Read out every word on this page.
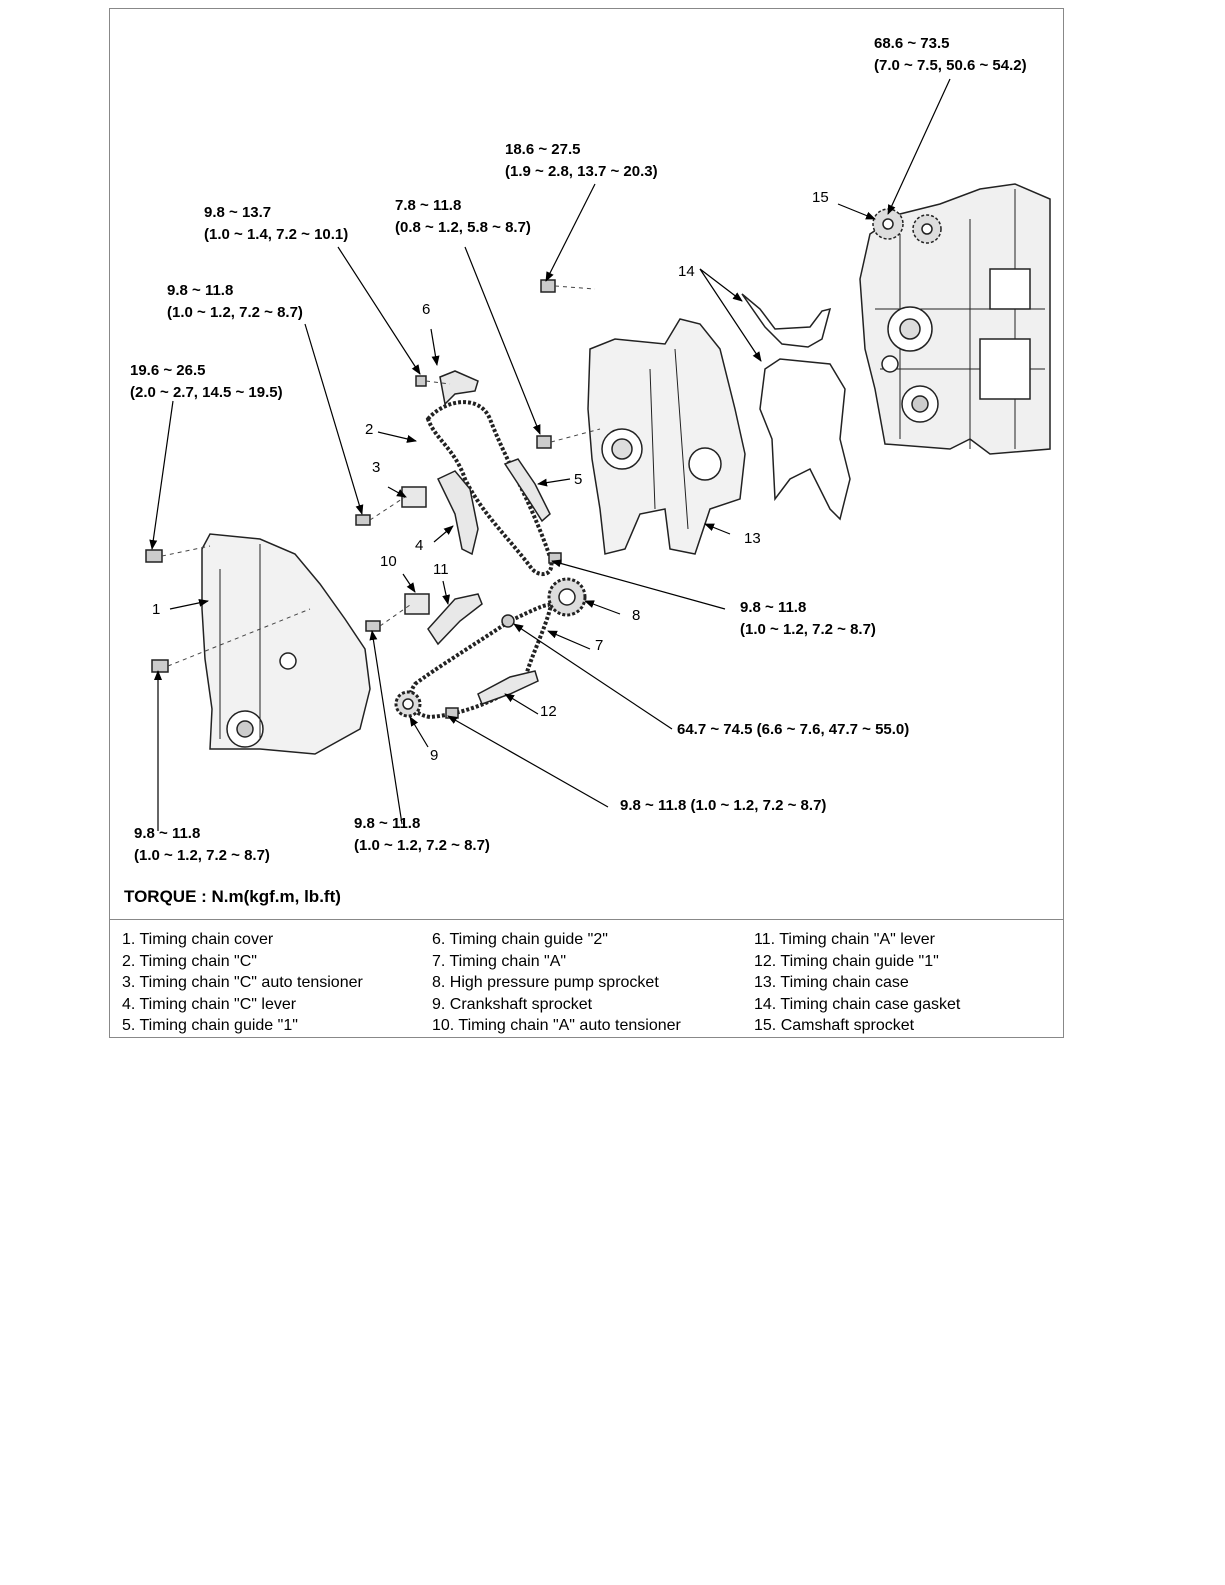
68.6 ~ 73.5
(7.0 ~ 7.5, 50.6 ~ 54.2)
18.6 ~ 27.5
(1.9 ~ 2.8, 13.7 ~ 20.3)
9.8 ~ 13.7
(1.0 ~ 1.4, 7.2 ~ 10.1)
7.8 ~ 11.8
(0.8 ~ 1.2, 5.8 ~ 8.7)
9.8 ~ 11.8
(1.0 ~ 1.2, 7.2 ~ 8.7)
19.6 ~ 26.5
(2.0 ~ 2.7, 14.5 ~ 19.5)
9.8 ~ 11.8
(1.0 ~ 1.2, 7.2 ~ 8.7)
64.7 ~ 74.5 (6.6 ~ 7.6, 47.7 ~ 55.0)
9.8 ~ 11.8 (1.0 ~ 1.2, 7.2 ~ 8.7)
9.8 ~ 11.8
(1.0 ~ 1.2, 7.2 ~ 8.7)
9.8 ~ 11.8
(1.0 ~ 1.2, 7.2 ~ 8.7)
1
2
3
4
5
6
7
8
9
10 11
12
13
14
15
TORQUE : N.m(kgf.m, lb.ft)
1. Timing chain cover
2. Timing chain "C"
3. Timing chain "C" auto tensioner
4. Timing chain "C" lever
5. Timing chain guide "1"
6. Timing chain guide "2"
7. Timing chain "A"
8. High pressure pump sprocket
9. Crankshaft sprocket
10. Timing chain "A" auto tensioner
11. Timing chain "A" lever
12. Timing chain guide "1"
13. Timing chain case
14. Timing chain case gasket
15. Camshaft sprocket
